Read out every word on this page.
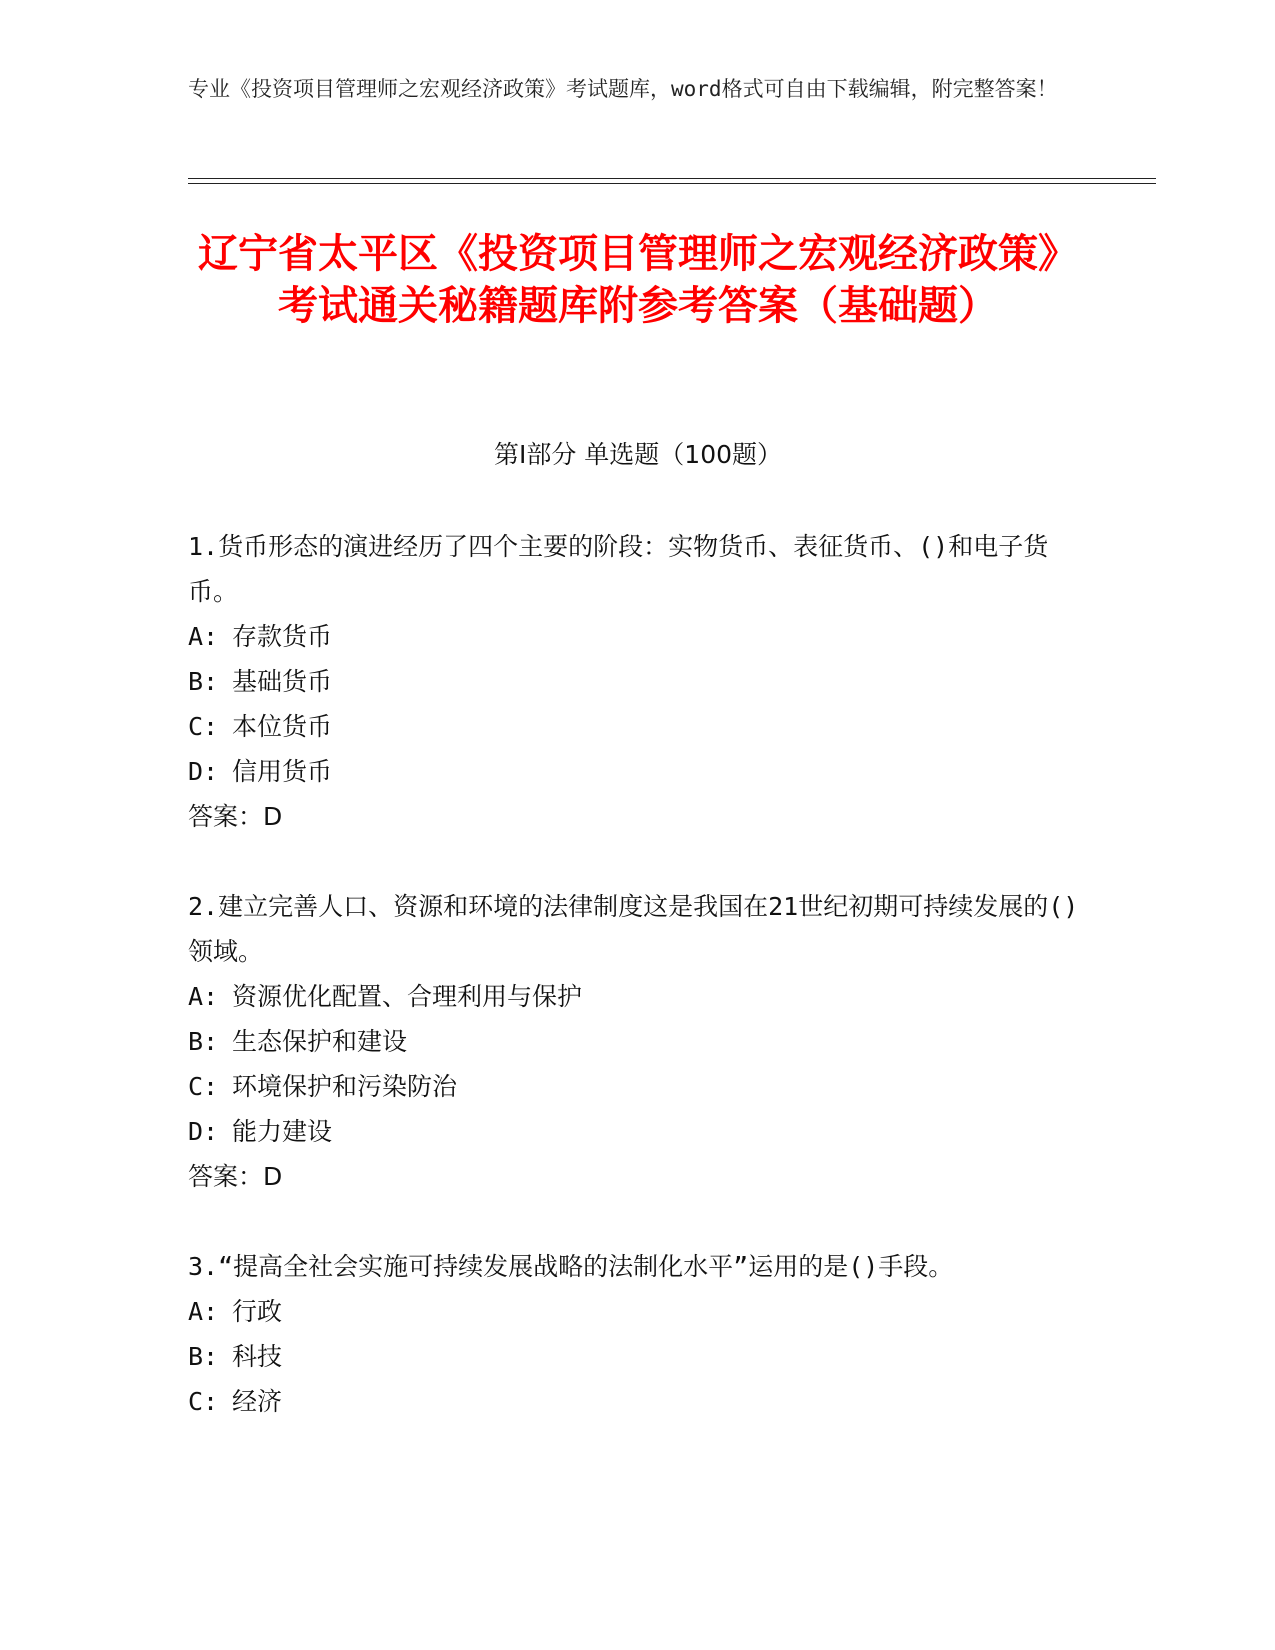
专业《投资项目管理师之宏观经济政策》考试题库，word格式可自由下载编辑，附完整答案！

辽宁省太平区《投资项目管理师之宏观经济政策》考试通关秘籍题库附参考答案（基础题）
第Ⅰ部分 单选题（100题）

1.货币形态的演进经历了四个主要的阶段：实物货币、表征货币、()和电子货币。

A: 存款货币

B: 基础货币

C: 本位货币

D: 信用货币

答案：D

2.建立完善人口、资源和环境的法律制度这是我国在21世纪初期可持续发展的()领域。

A: 资源优化配置、合理利用与保护

B: 生态保护和建设

C: 环境保护和污染防治

D: 能力建设

答案：D

3.“提高全社会实施可持续发展战略的法制化水平”运用的是()手段。

A: 行政

B: 科技

C: 经济
